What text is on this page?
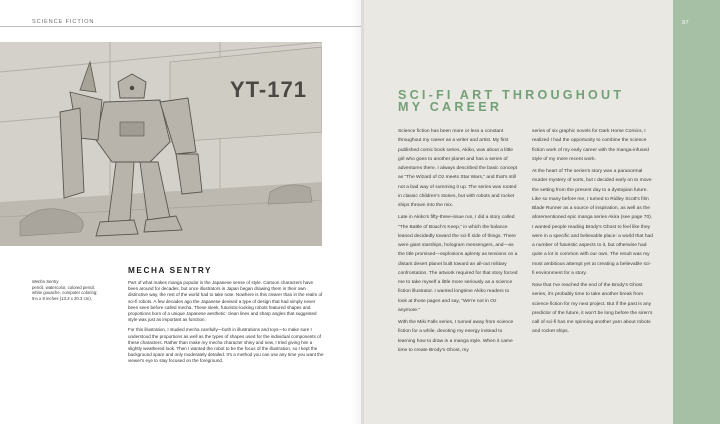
SCIENCE FICTION	97
YT-171
Mecha Sentry
pencil, watercolor, colored pencil,
white gouache, computer coloring;
5¼ x 8 inches (13.3 x 20.3 cm).
MECHA SENTRY

Part of what makes manga popular is the Japanese sense of style. Cartoon characters have been around for decades, but once illustrators in Japan began drawing them in their own distinctive way, the rest of the world had to take note. Nowhere is this clearer than in the realm of sci-fi robots. A few decades ago the Japanese devised a type of design that had simply never been seen before called mecha. These sleek, futuristic-looking robots featured shapes and proportions born of a unique Japanese aesthetic: clean lines and sharp angles that suggested style was just as important as function.

For this illustration, I studied mecha carefully—both in illustrations and toys—to make sure I understood the proportions as well as the types of shapes used for the individual components of these characters. Rather than make my mecha character shiny and new, I tried giving him a slightly weathered look. Then I wanted the robot to be the focus of the illustration, so I kept the background spare and only moderately detailed. It's a method you can use any time you want the viewer's eye to stay focused on the foreground.

SCI-FI ART THROUGHOUT
MY CAREER

Science fiction has been more or less a constant throughout my career as a writer and artist. My first published comic book series, Akiko, was about a little girl who goes to another planet and has a series of adventures there. I always described the basic concept as "The Wizard of Oz meets Star Wars," and that's still not a bad way of summing it up. The series was rooted in classic children's stories, but with robots and rocket ships thrown into the mix.

Late in Akiko's fifty-three-issue run, I did a story called "The Battle of Boach's Keep," in which the balance leaned decidedly toward the sci-fi side of things. There were giant starships, hologram messengers, and—as the title promised—explosions aplenty as tensions on a distant desert planet built toward an all-out military confrontation. The artwork required for that story forced me to take myself a little more seriously as a science fiction illustrator. I wanted longtime Akiko readers to look at those pages and say, "We're not in Oz anymore."

With the Miki Falls series, I turned away from science fiction for a while, devoting my energy instead to learning how to draw in a manga style. When it came time to create Brody's Ghost, my

series of six graphic novels for Dark Horse Comics, I realized I had the opportunity to combine the science fiction work of my early career with the manga-infused style of my more recent work.

At the heart of The series's story was a paranormal murder mystery of sorts, but I decided early on to move the setting from the present day to a dystopian future. Like so many before me, I turned to Ridley Scott's film Blade Runner as a source of inspiration, as well as the aforementioned epic manga series Akira (see page 70). I wanted people reading Brody's Ghost to feel like they were in a specific and believable place: a world that had a number of futuristic aspects to it, but otherwise had quite a lot in common with our own. The result was my most ambitious attempt yet at creating a believable sci-fi environment for a story.

Now that I've reached the end of the Brody's Ghost series, it's probably time to take another break from science fiction for my next project. But if the past is any predictor of the future, it won't be long before the siren's call of sci-fi has me spinning another yarn about robots and rocket ships.
